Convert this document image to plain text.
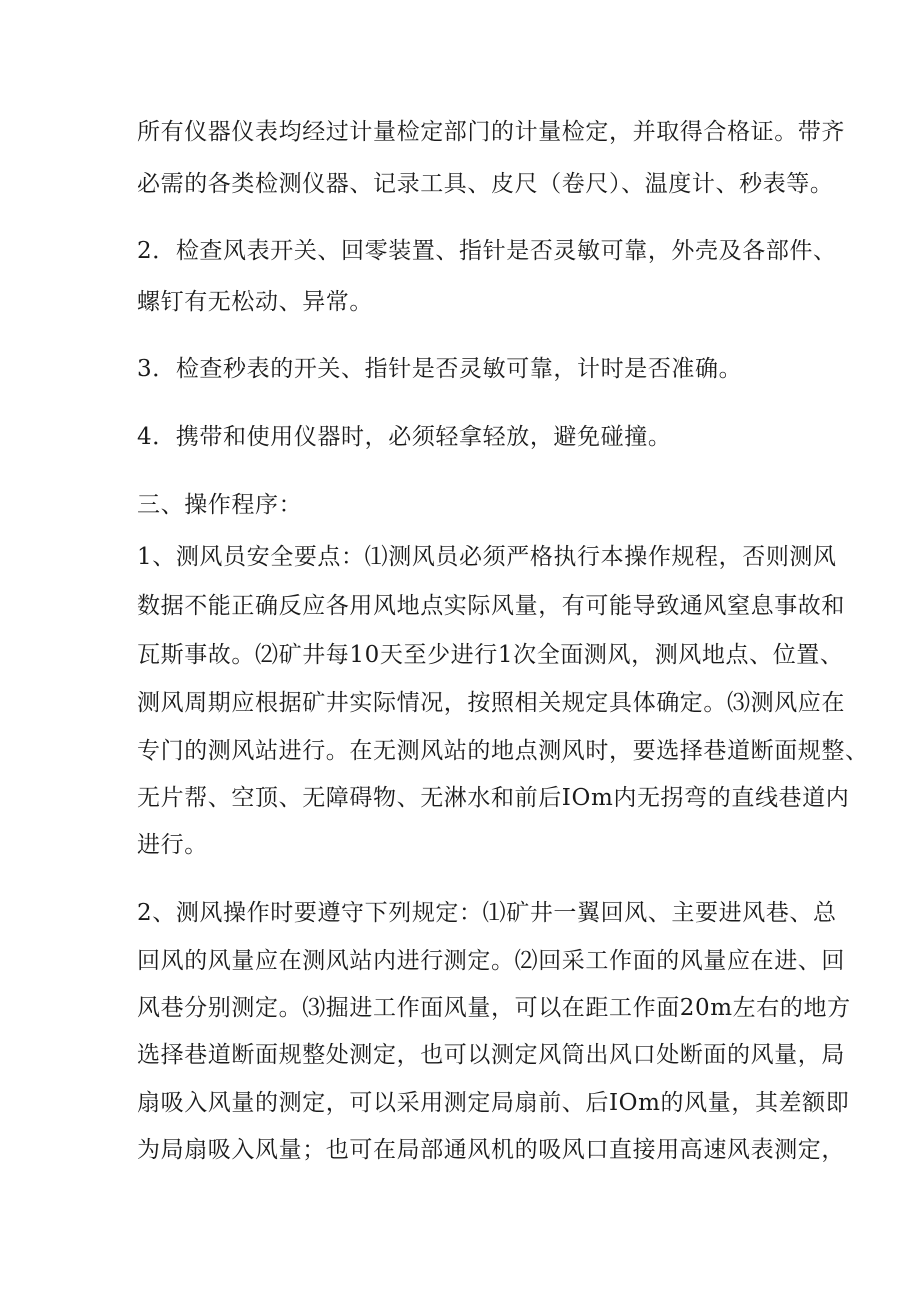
所有仪器仪表均经过计量检定部门的计量检定，并取得合格证。带齐
必需的各类检测仪器、记录工具、皮尺（卷尺）、温度计、秒表等。
2．检查风表开关、回零装置、指针是否灵敏可靠，外壳及各部件、
螺钉有无松动、异常。
3．检查秒表的开关、指针是否灵敏可靠，计时是否准确。
4．携带和使用仪器时，必须轻拿轻放，避免碰撞。
三、操作程序：
1、测风员安全要点：⑴测风员必须严格执行本操作规程，否则测风
数据不能正确反应各用风地点实际风量，有可能导致通风窒息事故和
瓦斯事故。⑵矿井每10天至少进行1次全面测风，测风地点、位置、
测风周期应根据矿井实际情况，按照相关规定具体确定。⑶测风应在
专门的测风站进行。在无测风站的地点测风时，要选择巷道断面规整、
无片帮、空顶、无障碍物、无淋水和前后IOm内无拐弯的直线巷道内
进行。
2、测风操作时要遵守下列规定：⑴矿井一翼回风、主要进风巷、总
回风的风量应在测风站内进行测定。⑵回采工作面的风量应在进、回
风巷分别测定。⑶掘进工作面风量，可以在距工作面20m左右的地方
选择巷道断面规整处测定，也可以测定风筒出风口处断面的风量，局
扇吸入风量的测定，可以采用测定局扇前、后IOm的风量，其差额即
为局扇吸入风量；也可在局部通风机的吸风口直接用高速风表测定，
